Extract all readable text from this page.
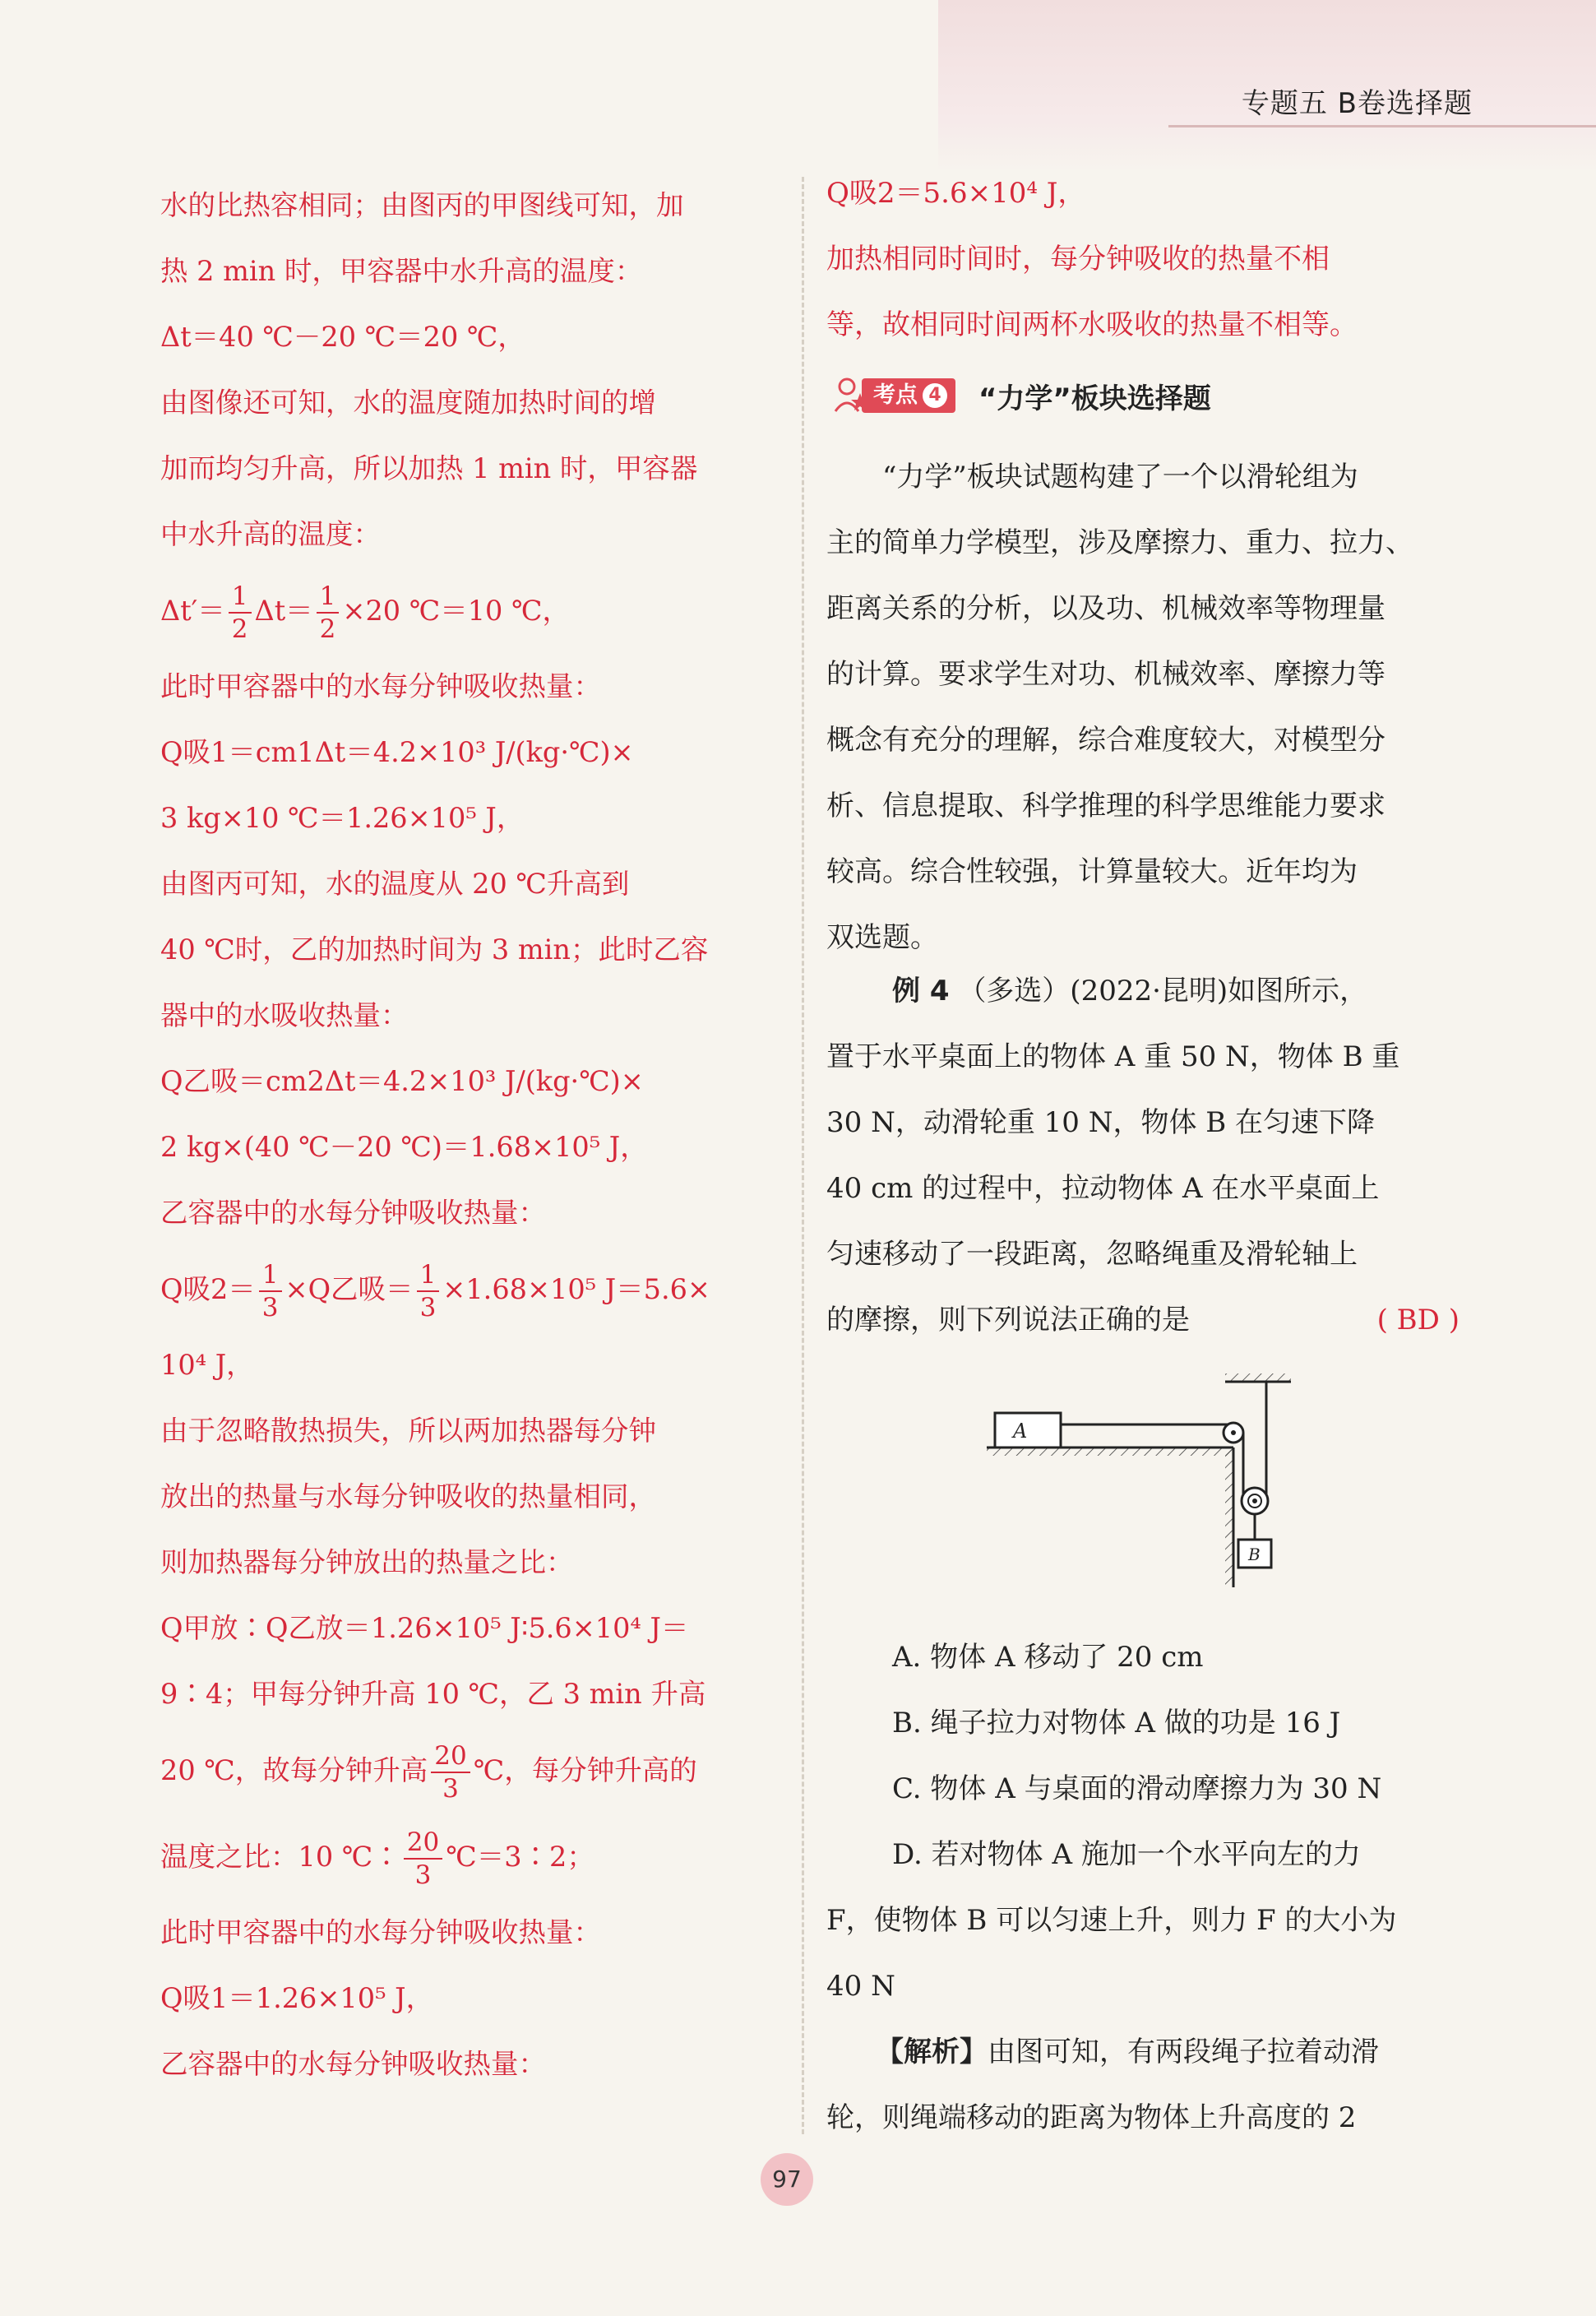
专题五 B卷选择题
水的比热容相同；由图丙的甲图线可知，加
热 2 min 时，甲容器中水升高的温度：
Δt＝40 ℃－20 ℃＝20 ℃，
由图像还可知，水的温度随加热时间的增
加而均匀升高，所以加热 1 min 时，甲容器
中水升高的温度：
$\Delta t'= \frac{1}{2} \Delta t= \frac{1}{2} \times 20$ ℃＝10 ℃，
此时甲容器中的水每分钟吸收热量：
Q吸1＝cm1Δt＝4.2×10³ J/(kg·℃)×
3 kg×10 ℃＝1.26×10⁵ J，
由图丙可知，水的温度从 20 ℃升高到
40 ℃时，乙的加热时间为 3 min；此时乙容
器中的水吸收热量：
Q乙吸＝cm2Δt＝4.2×10³ J/(kg·℃)×
2 kg×(40 ℃－20 ℃)＝1.68×10⁵ J，
乙容器中的水每分钟吸收热量：
Q吸$2= \frac{1}{3} \times Q$乙吸＝ $\frac{1}{3} \times 1.68\times 10^5$ J＝5.6×
10⁴ J，
由于忽略散热损失，所以两加热器每分钟
放出的热量与水每分钟吸收的热量相同，
则加热器每分钟放出的热量之比：
Q甲放∶Q乙放＝1.26×10⁵ J∶5.6×10⁴ J＝
9∶4；甲每分钟升高 10 ℃，乙 3 min 升高
20 ℃，故每分钟升高 $\frac{20}{3}$ ℃，每分钟升高的
温度之比：10 ℃∶ $\frac{20}{3}$ ℃＝3∶2；
此时甲容器中的水每分钟吸收热量：
Q吸1＝1.26×10⁵ J，
乙容器中的水每分钟吸收热量：
Q吸2＝5.6×10⁴ J，
加热相同时间时，每分钟吸收的热量不相
等，故相同时间两杯水吸收的热量不相等。
考点 4 “力学”板块选择题
“力学”板块试题构建了一个以滑轮组为
主的简单力学模型，涉及摩擦力、重力、拉力、
距离关系的分析，以及功、机械效率等物理量
的计算。要求学生对功、机械效率、摩擦力等
概念有充分的理解，综合难度较大，对模型分
析、信息提取、科学推理的科学思维能力要求
较高。综合性较强，计算量较大。近年均为
双选题。
例 4 （多选）(2022·昆明)如图所示，
置于水平桌面上的物体 A 重 50 N，物体 B 重
30 N，动滑轮重 10 N，物体 B 在匀速下降
40 cm 的过程中，拉动物体 A 在水平桌面上
匀速移动了一段距离，忽略绳重及滑轮轴上
的摩擦，则下列说法正确的是	( BD )
A
B
A. 物体 A 移动了 20 cm
B. 绳子拉力对物体 A 做的功是 16 J
C. 物体 A 与桌面的滑动摩擦力为 30 N
D. 若对物体 A 施加一个水平向左的力
F，使物体 B 可以匀速上升，则力 F 的大小为
40 N
【解析】由图可知，有两段绳子拉着动滑
轮，则绳端移动的距离为物体上升高度的 2
97
